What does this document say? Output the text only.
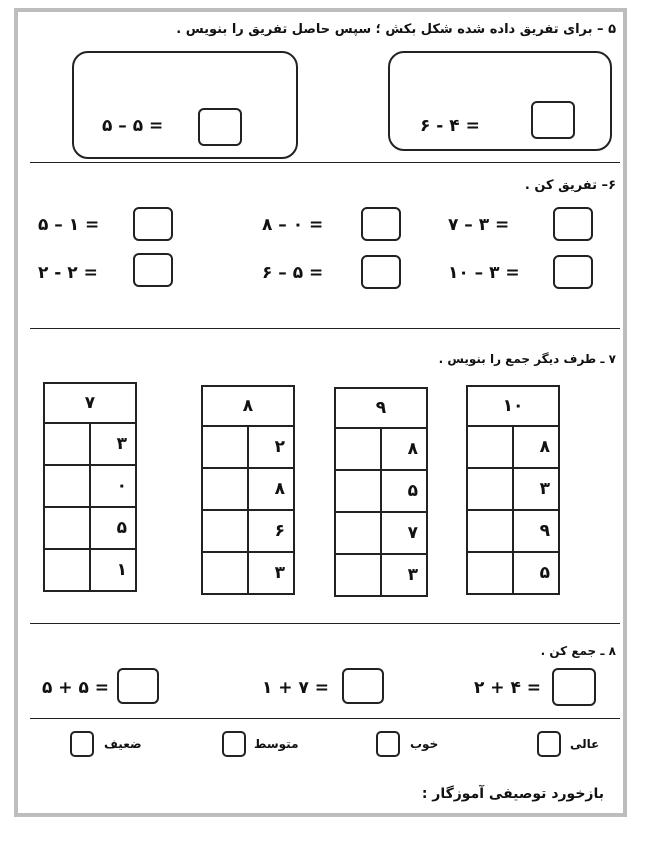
۵ – برای تفریق داده شده شکل بکش ؛ سپس حاصل تفریق را بنویس .
۵ – ۵ =	۶ - ۴ =
۶– تفریق کن .
۵ – ۱ =	۸ – ۰ =	۷ – ۳ =
۲ - ۲ =	۶ – ۵ =	۱۰ – ۳ =
۷ ـ طرف دیگر جمع را بنویس .
۷	
	۳
	۰
	۵
	۱
۸	
	۲
	۸
	۶
	۳
۹	
	۸
	۵
	۷
	۳
۱۰	
	۸
	۳
	۹
	۵
۸ ـ جمع کن .
۵ + ۵ =	۱ + ۷ =	۲ + ۴ =
ضعیف	متوسط	خوب	عالی
بازخورد توصیفی آموزگار :
